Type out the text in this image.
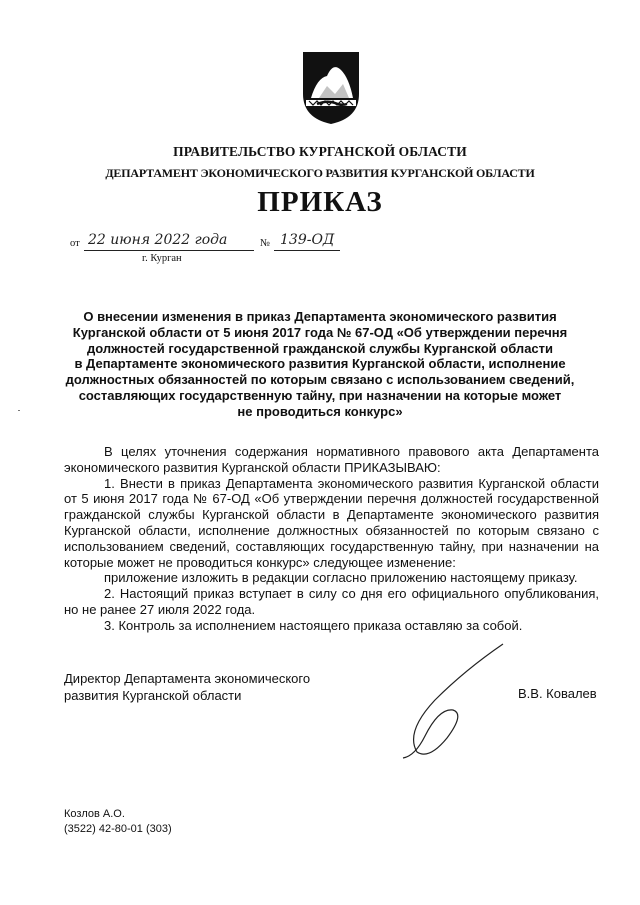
ПРАВИТЕЛЬСТВО КУРГАНСКОЙ ОБЛАСТИ
ДЕПАРТАМЕНТ ЭКОНОМИЧЕСКОГО РАЗВИТИЯ КУРГАНСКОЙ ОБЛАСТИ
ПРИКАЗ
от 22 июня 2022 года	№ 139-ОД
г. Курган
О внесении изменения в приказ Департамента экономического развития
Курганской области от 5 июня 2017 года № 67-ОД «Об утверждении перечня
должностей государственной гражданской службы Курганской области
в Департаменте экономического развития Курганской области, исполнение
должностных обязанностей по которым связано с использованием сведений,
составляющих государственную тайну, при назначении на которые может
не проводиться конкурс»

В целях уточнения содержания нормативного правового акта Департамента экономического развития Курганской области ПРИКАЗЫВАЮ:

1. Внести в приказ Департамента экономического развития Курганской области от 5 июня 2017 года № 67-ОД «Об утверждении перечня должностей государственной гражданской службы Курганской области в Департаменте экономического развития Курганской области, исполнение должностных обязанностей по которым связано с использованием сведений, составляющих государственную тайну, при назначении на которые может не проводиться конкурс» следующее изменение:

приложение изложить в редакции согласно приложению настоящему приказу.

2. Настоящий приказ вступает в силу со дня его официального опубликования, но не ранее 27 июля 2022 года.

3. Контроль за исполнением настоящего приказа оставляю за собой.

Директор Департамента экономического
развития Курганской области	В.В. Ковалев
Козлов А.О.
(3522) 42-80-01 (303)
